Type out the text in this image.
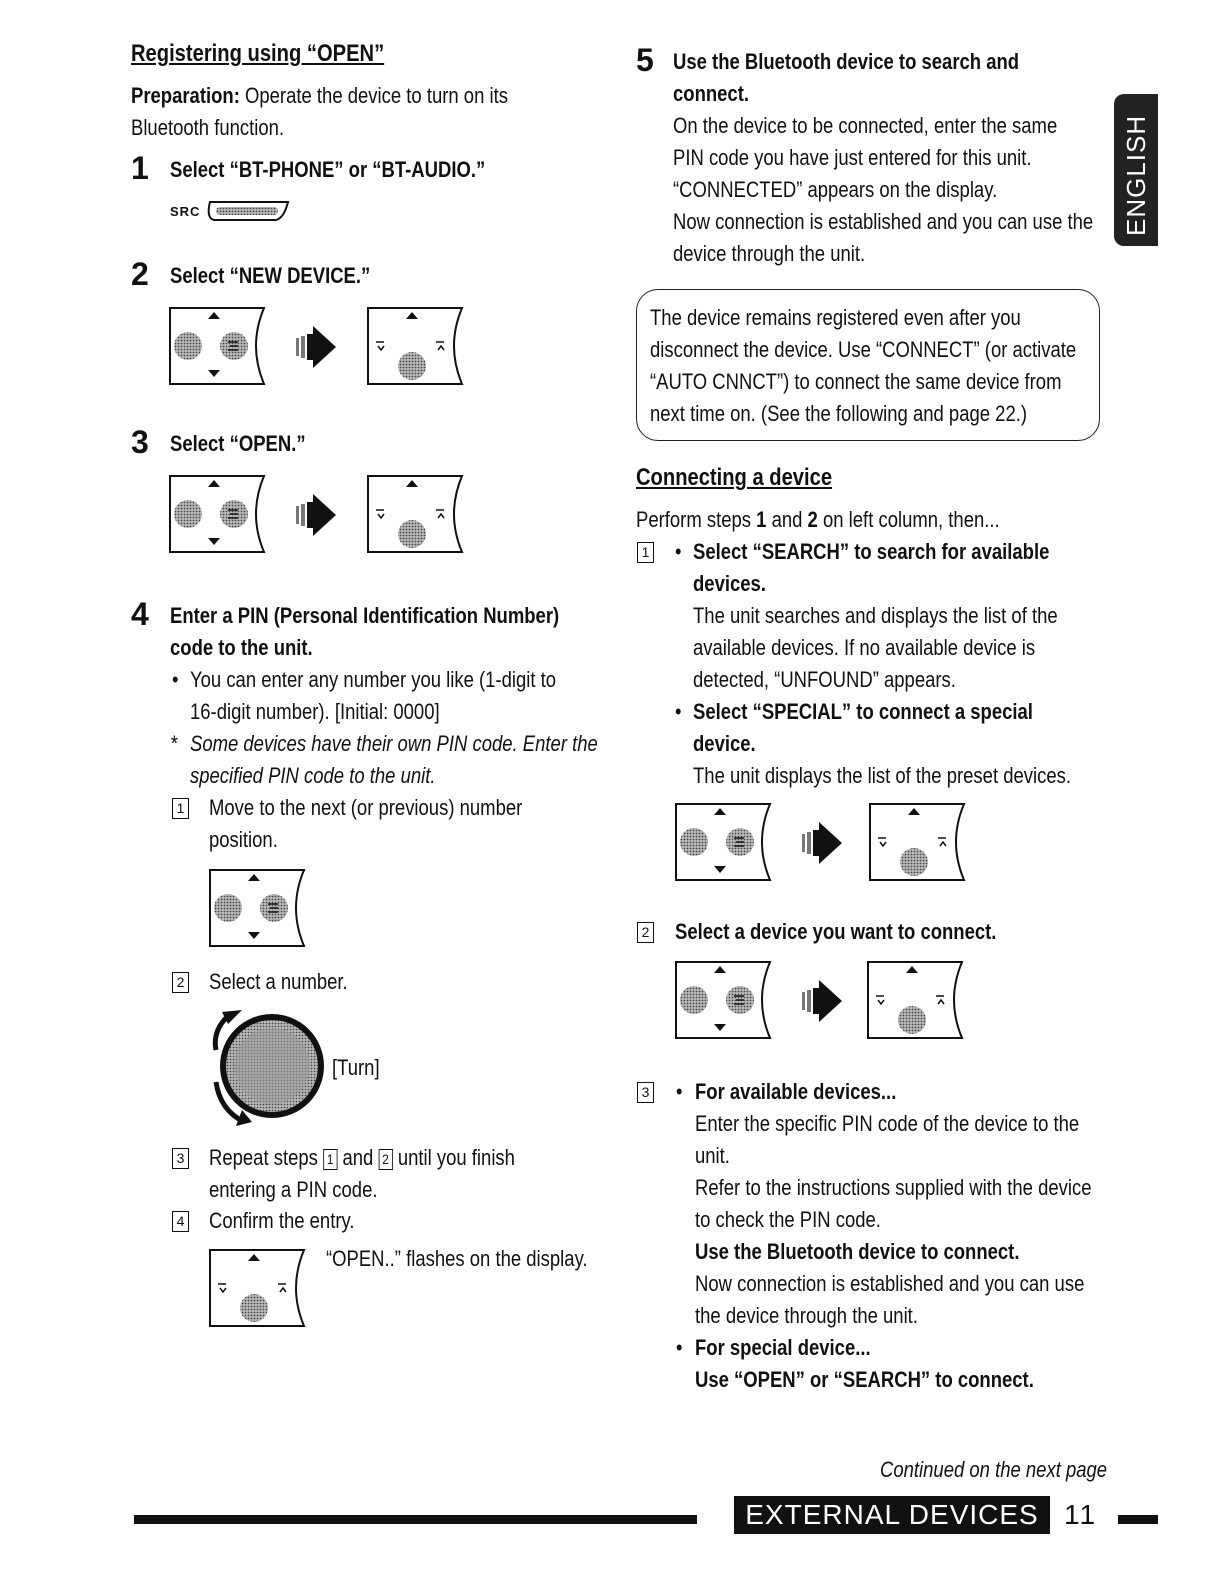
Registering using “OPEN”
Preparation: Operate the device to turn on its
Bluetooth function.
1 Select “BT-PHONE” or “BT-AUDIO.”
SRC
2 Select “NEW DEVICE.”
3 Select “OPEN.”
4 Enter a PIN (Personal Identification Number)
code to the unit.
• You can enter any number you like (1-digit to
16-digit number). [Initial: 0000]
* Some devices have their own PIN code. Enter the
specified PIN code to the unit.
1 Move to the next (or previous) number
position.
2 Select a number.
[Turn]
3 Repeat steps 1 and 2 until you finish
entering a PIN code.
4 Confirm the entry.
“OPEN..” flashes on the display.
5 Use the Bluetooth device to search and
connect.
On the device to be connected, enter the same
PIN code you have just entered for this unit.
“CONNECTED” appears on the display.
Now connection is established and you can use the
device through the unit.
The device remains registered even after you
disconnect the device. Use “CONNECT” (or activate
“AUTO CNNCT”) to connect the same device from
next time on. (See the following and page 22.)
Connecting a device
Perform steps 1 and 2 on left column, then...
1 • Select “SEARCH” to search for available
devices.
The unit searches and displays the list of the
available devices. If no available device is
detected, “UNFOUND” appears.
• Select “SPECIAL” to connect a special
device.
The unit displays the list of the preset devices.
2 Select a device you want to connect.
3 • For available devices...
Enter the specific PIN code of the device to the
unit.
Refer to the instructions supplied with the device
to check the PIN code.
Use the Bluetooth device to connect.
Now connection is established and you can use
the device through the unit.
• For special device...
Use “OPEN” or “SEARCH” to connect.
ENGLISH
Continued on the next page
EXTERNAL DEVICES 11
